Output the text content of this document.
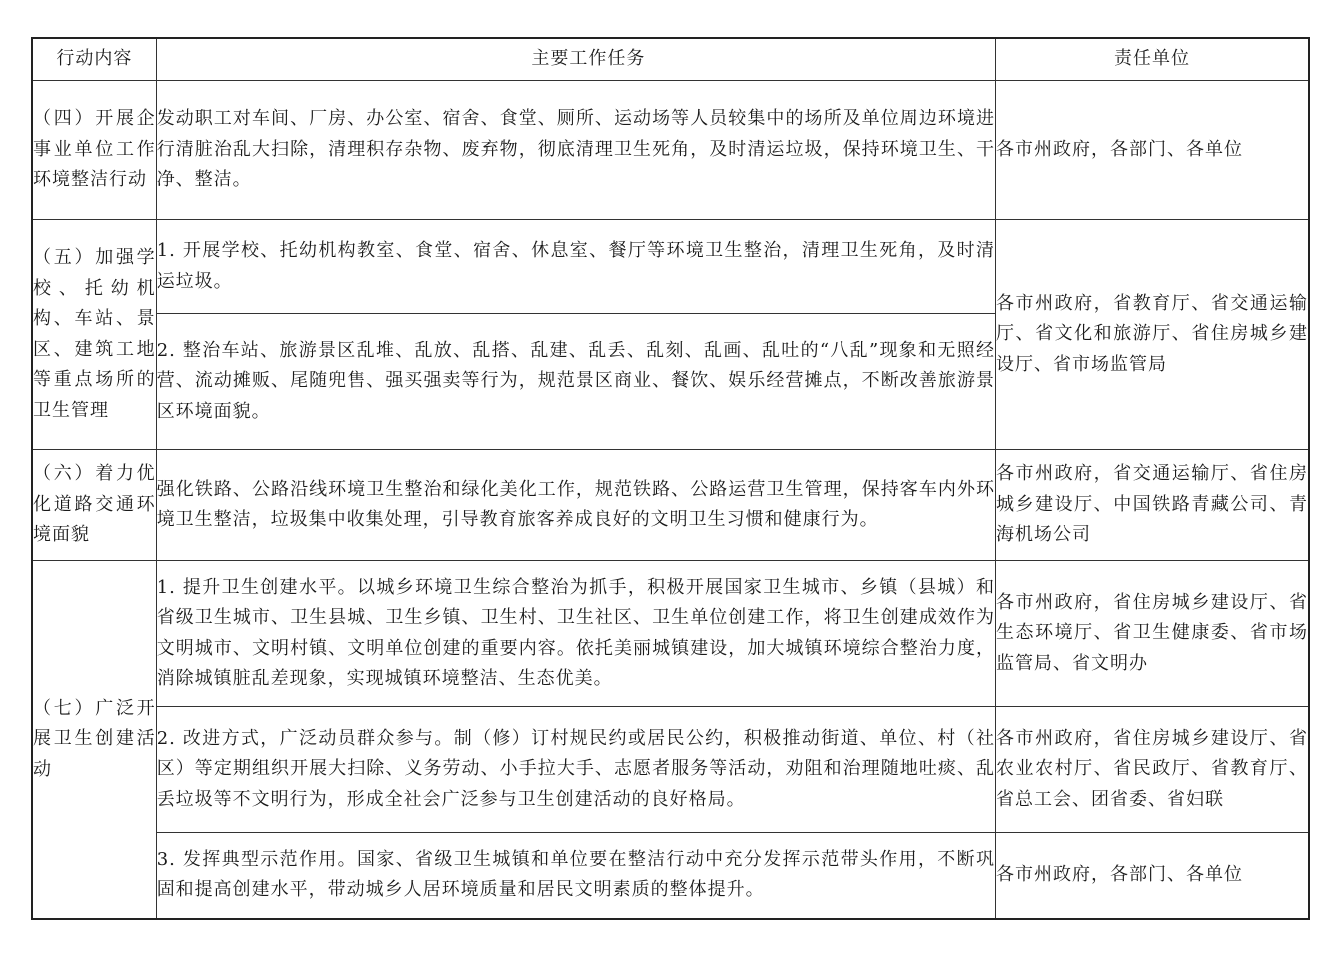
行动内容	主要工作任务	责任单位
（四）开展企事业单位工作环境整洁行动	发动职工对车间、厂房、办公室、宿舍、食堂、厕所、运动场等人员较集中的场所及单位周边环境进行清脏治乱大扫除，清理积存杂物、废弃物，彻底清理卫生死角，及时清运垃圾，保持环境卫生、干净、整洁。	各市州政府，各部门、各单位
（五）加强学校、托幼机构、车站、景区、建筑工地等重点场所的卫生管理	1. 开展学校、托幼机构教室、食堂、宿舍、休息室、餐厅等环境卫生整治，清理卫生死角，及时清运垃圾。	各市州政府，省教育厅、省交通运输厅、省文化和旅游厅、省住房城乡建设厅、省市场监管局
	2. 整治车站、旅游景区乱堆、乱放、乱搭、乱建、乱丢、乱刻、乱画、乱吐的“八乱”现象和无照经营、流动摊贩、尾随兜售、强买强卖等行为，规范景区商业、餐饮、娱乐经营摊点，不断改善旅游景区环境面貌。	
（六）着力优化道路交通环境面貌	强化铁路、公路沿线环境卫生整治和绿化美化工作，规范铁路、公路运营卫生管理，保持客车内外环境卫生整洁，垃圾集中收集处理，引导教育旅客养成良好的文明卫生习惯和健康行为。	各市州政府，省交通运输厅、省住房城乡建设厅、中国铁路青藏公司、青海机场公司
（七）广泛开展卫生创建活动	1. 提升卫生创建水平。以城乡环境卫生综合整治为抓手，积极开展国家卫生城市、乡镇（县城）和省级卫生城市、卫生县城、卫生乡镇、卫生村、卫生社区、卫生单位创建工作，将卫生创建成效作为文明城市、文明村镇、文明单位创建的重要内容。依托美丽城镇建设，加大城镇环境综合整治力度，消除城镇脏乱差现象，实现城镇环境整洁、生态优美。	各市州政府，省住房城乡建设厅、省生态环境厅、省卫生健康委、省市场监管局、省文明办
	2. 改进方式，广泛动员群众参与。制（修）订村规民约或居民公约，积极推动街道、单位、村（社区）等定期组织开展大扫除、义务劳动、小手拉大手、志愿者服务等活动，劝阻和治理随地吐痰、乱丢垃圾等不文明行为，形成全社会广泛参与卫生创建活动的良好格局。	各市州政府，省住房城乡建设厅、省农业农村厅、省民政厅、省教育厅、省总工会、团省委、省妇联
	3. 发挥典型示范作用。国家、省级卫生城镇和单位要在整洁行动中充分发挥示范带头作用，不断巩固和提高创建水平，带动城乡人居环境质量和居民文明素质的整体提升。	各市州政府，各部门、各单位
